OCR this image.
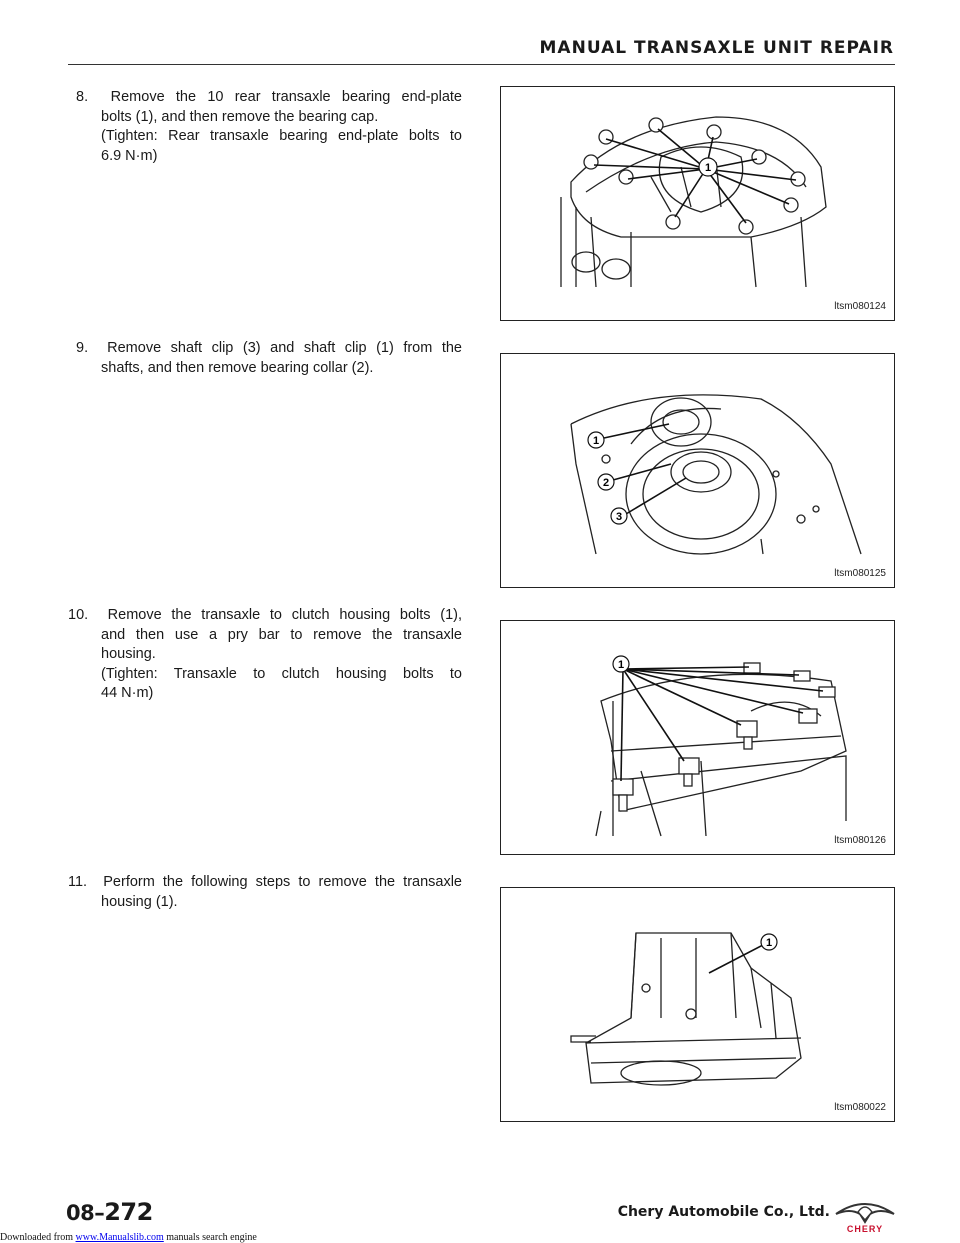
MANUAL TRANSAXLE UNIT REPAIR
8. Remove the 10 rear transaxle bearing end-plate
bolts (1), and then remove the bearing cap.
(Tighten: Rear transaxle bearing end-plate bolts to
6.9 N·m)
1
ltsm080124
9. Remove shaft clip (3) and shaft clip (1) from the
shafts, and then remove bearing collar (2).
1
2
3
ltsm080125
10. Remove the transaxle to clutch housing bolts (1),
and then use a pry bar to remove the transaxle
housing.
(Tighten: Transaxle to clutch housing bolts to
44 N·m)
1
ltsm080126
11. Perform the following steps to remove the transaxle
housing (1).
1
ltsm080022
08–272	Chery Automobile Co., Ltd.
CHERY
Downloaded from www.Manualslib.com manuals search engine
